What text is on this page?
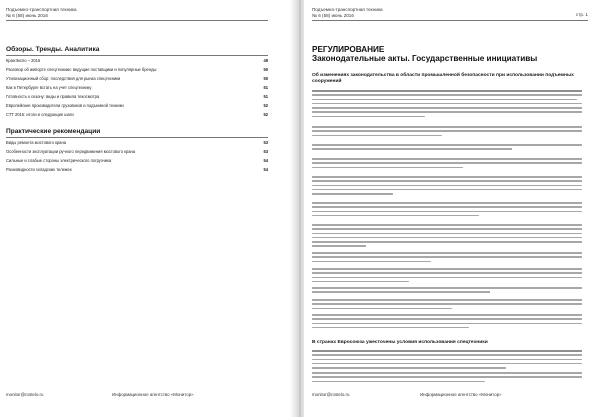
Подъемно-транспортная техника
№ 6 (58) июнь 2016
Обзоры. Тренды. Аналитика
КранЭкспо – 2016	49
Разговор об импорте спецтехники: ведущие поставщики и популярные бренды	50
Утилизационный сбор: последствия для рынка спецтехники	50
Как в Петербурге встать на учет спецтехнику	51
Готовность к сезону: виды и правила техосмотра	51
Европейские производители грузовиков и подъемной техники	52
СТТ 2016: итоги и следующие шаги	52
Практические рекомендации
Виды ремонта мостового крана	53
Особенности эксплуатации ручного передвижения мостового крана	53
Сильные и слабые стороны электрического погрузчика	54
Разновидности складских тележек	54
monitor@rostelo.ru	Информационное агентство «Монитор»
Подъемно-транспортная техника
№ 6 (58) июнь 2016	стр. 1
РЕГУЛИРОВАНИЕ
Законодательные акты. Государственные инициативы
Об изменениях законодательства в области промышленной безопасности при использовании подъемных сооружений
В странах Евросоюза ужесточены условия использования спецтехники
monitor@rostelo.ru	Информационное агентство «Монитор»
